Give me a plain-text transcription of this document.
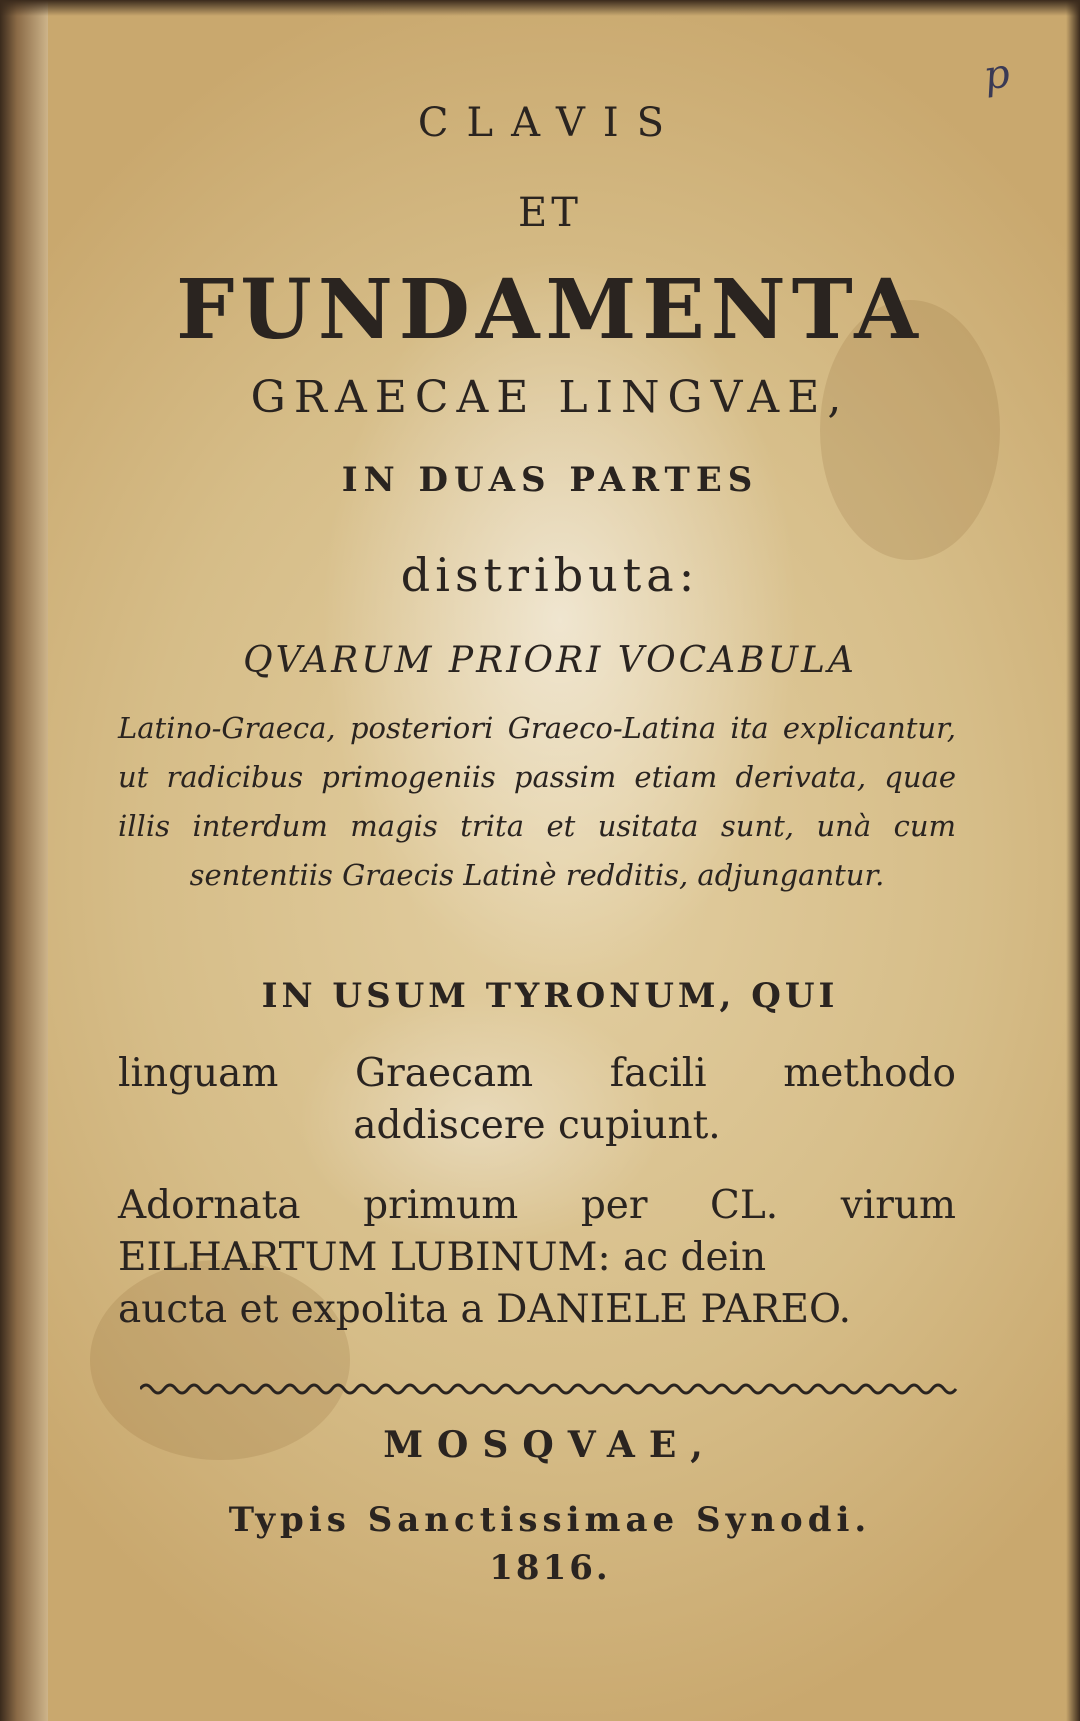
p
CLAVIS
ET
FUNDAMENTA
GRAECAE LINGVAE,
IN DUAS PARTES
distributa:
QVARUM PRIORI VOCABULA
Latino-Graeca, posteriori Graeco-Latina ita explicantur, ut radicibus primogeniis passim etiam derivata, quae illis interdum magis trita et usitata sunt, unà cum sententiis Graecis Latinè redditis, adjungantur.
IN USUM TYRONUM, QUI
linguam Graecam facili methodo addiscere cupiunt.
Adornata primum per CL. virum EILHARTUM LUBINUM: ac dein
aucta et expolita a DANIELE PAREO.
MOSQVAE,
Typis Sanctissimae Synodi.
1816.
